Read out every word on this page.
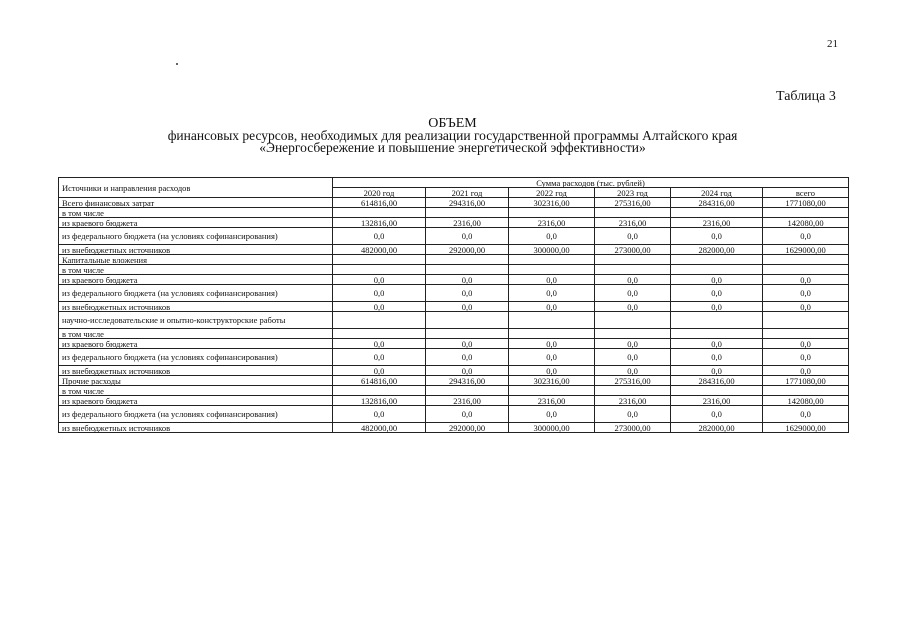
21
Таблица 3
ОБЪЕМ
финансовых ресурсов, необходимых для реализации государственной программы Алтайского края
«Энергосбережение и повышение энергетической эффективности»
Источники и направления расходов	Сумма расходов (тыс. рублей)					
	2020 год	2021 год	2022 год	2023 год	2024 год	всего
Всего финансовых затрат	614816,00	294316,00	302316,00	275316,00	284316,00	1771080,00
в том числе						
из краевого бюджета	132816,00	2316,00	2316,00	2316,00	2316,00	142080,00
из федерального бюджета (на условиях софинансирования)	0,0	0,0	0,0	0,0	0,0	0,0
из внебюджетных источников	482000,00	292000,00	300000,00	273000,00	282000,00	1629000,00
Капитальные вложения						
в том числе						
из краевого бюджета	0,0	0,0	0,0	0,0	0,0	0,0
из федерального бюджета (на условиях софинансирования)	0,0	0,0	0,0	0,0	0,0	0,0
из внебюджетных источников	0,0	0,0	0,0	0,0	0,0	0,0
научно-исследовательские и опытно-конструкторские работы						
в том числе						
из краевого бюджета	0,0	0,0	0,0	0,0	0,0	0,0
из федерального бюджета (на условиях софинансирования)	0,0	0,0	0,0	0,0	0,0	0,0
из внебюджетных источников	0,0	0,0	0,0	0,0	0,0	0,0
Прочие расходы	614816,00	294316,00	302316,00	275316,00	284316,00	1771080,00
в том числе						
из краевого бюджета	132816,00	2316,00	2316,00	2316,00	2316,00	142080,00
из федерального бюджета (на условиях софинансирования)	0,0	0,0	0,0	0,0	0,0	0,0
из внебюджетных источников	482000,00	292000,00	300000,00	273000,00	282000,00	1629000,00
